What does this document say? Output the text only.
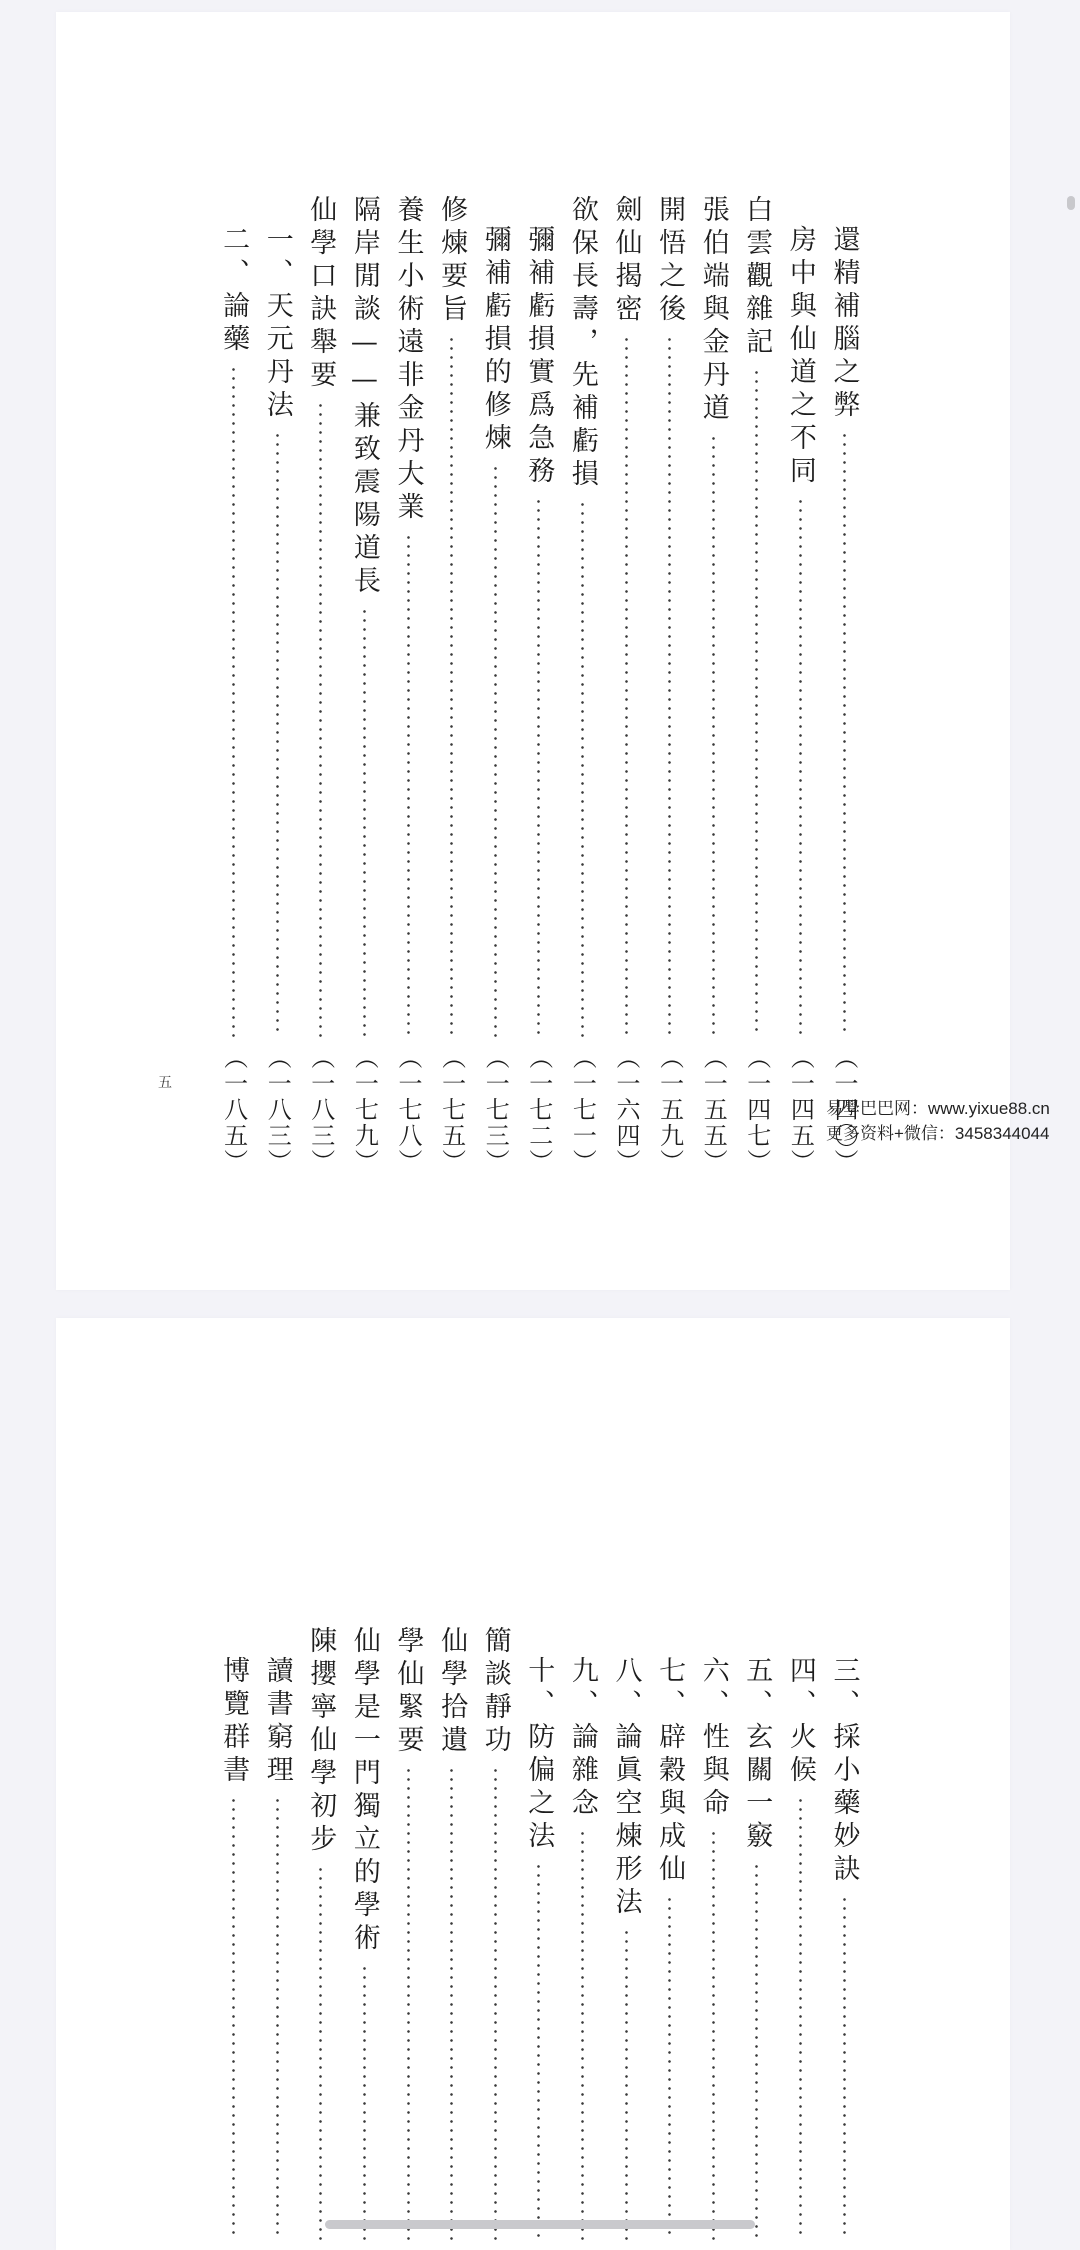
五
還精補腦之弊
（一四〇）
房中與仙道之不同
（一四五）
白雲觀雜記
（一四七）
張伯端與金丹道
（一五五）
開悟之後
（一五九）
劍仙揭密
（一六四）
欲保長壽，先補虧損
（一七一）
彌補虧損實爲急務
（一七二）
彌補虧損的修煉
（一七三）
修煉要旨
（一七五）
養生小術遠非金丹大業
（一七八）
隔岸閒談——兼致震陽道長
（一七九）
仙學口訣舉要
（一八三）
一、天元丹法
（一八三）
二、論藥
（一八五）
三、採小藥妙訣
四、火候
五、玄關一竅
六、性與命
七、辟穀與成仙
八、論眞空煉形法
九、論雜念
十、防偏之法
簡談靜功
仙學拾遺
學仙緊要
仙學是一門獨立的學術
陳攖寧仙學初步
讀書窮理
博覽群書
易學巴巴网：www.yixue88.cn
更多资料+微信：3458344044
